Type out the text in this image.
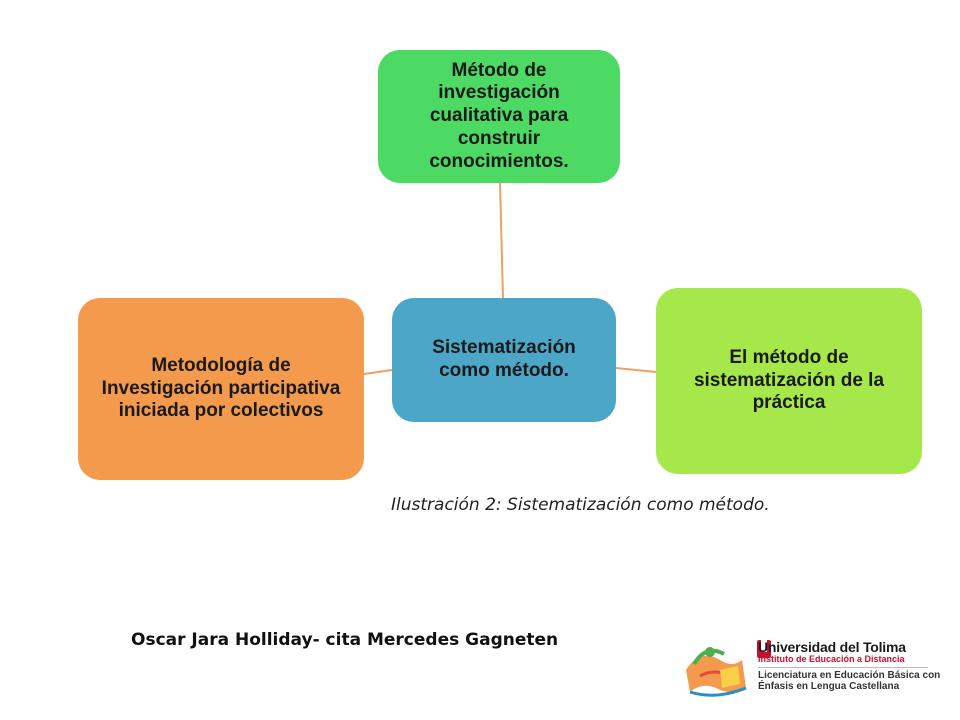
Método de investigación cualitativa para construir conocimientos.
Sistematización como método.
Metodología de Investigación participativa iniciada por colectivos
El método de sistematización de la práctica
Ilustración 2: Sistematización como método.
Oscar Jara Holliday- cita Mercedes Gagneten	Universidad del Tolima
Instituto de Educación a Distancia
Licenciatura en Educación Básica con
Énfasis en Lengua Castellana
